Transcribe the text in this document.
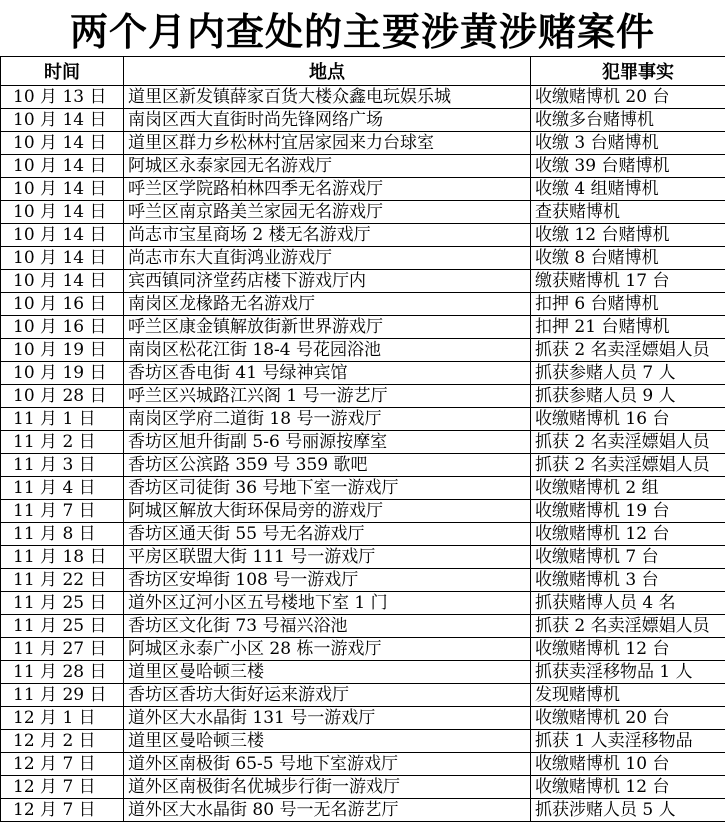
两个月内查处的主要涉黄涉赌案件
时间	地点	犯罪事实
10 月 13 日	道里区新发镇薛家百货大楼众鑫电玩娱乐城	收缴赌博机 20 台
10 月 14 日	南岗区西大直街时尚先锋网络广场	收缴多台赌博机
10 月 14 日	道里区群力乡松林村宜居家园来力台球室	收缴 3 台赌博机
10 月 14 日	阿城区永泰家园无名游戏厅	收缴 39 台赌博机
10 月 14 日	呼兰区学院路柏林四季无名游戏厅	收缴 4 组赌博机
10 月 14 日	呼兰区南京路美兰家园无名游戏厅	查获赌博机
10 月 14 日	尚志市宝星商场 2 楼无名游戏厅	收缴 12 台赌博机
10 月 14 日	尚志市东大直街鸿业游戏厅	收缴 8 台赌博机
10 月 14 日	宾西镇同济堂药店楼下游戏厅内	缴获赌博机 17 台
10 月 16 日	南岗区龙椽路无名游戏厅	扣押 6 台赌博机
10 月 16 日	呼兰区康金镇解放街新世界游戏厅	扣押 21 台赌博机
10 月 19 日	南岗区松花江街 18-4 号花园浴池	抓获 2 名卖淫嫖娼人员
10 月 19 日	香坊区香电街 41 号绿神宾馆	抓获参赌人员 7 人
10 月 28 日	呼兰区兴城路江兴阁 1 号一游艺厅	抓获参赌人员 9 人
11 月 1 日	南岗区学府二道街 18 号一游戏厅	收缴赌博机 16 台
11 月 2 日	香坊区旭升街副 5-6 号丽源按摩室	抓获 2 名卖淫嫖娼人员
11 月 3 日	香坊区公滨路 359 号 359 歌吧	抓获 2 名卖淫嫖娼人员
11 月 4 日	香坊区司徒街 36 号地下室一游戏厅	收缴赌博机 2 组
11 月 7 日	阿城区解放大街环保局旁的游戏厅	收缴赌博机 19 台
11 月 8 日	香坊区通天街 55 号无名游戏厅	收缴赌博机 12 台
11 月 18 日	平房区联盟大街 111 号一游戏厅	收缴赌博机 7 台
11 月 22 日	香坊区安埠街 108 号一游戏厅	收缴赌博机 3 台
11 月 25 日	道外区辽河小区五号楼地下室 1 门	抓获赌博人员 4 名
11 月 25 日	香坊区文化街 73 号福兴浴池	抓获 2 名卖淫嫖娼人员
11 月 27 日	阿城区永泰广小区 28 栋一游戏厅	收缴赌博机 12 台
11 月 28 日	道里区曼哈顿三楼	抓获卖淫移物品 1 人
11 月 29 日	香坊区香坊大街好运来游戏厅	发现赌博机
12 月 1 日	道外区大水晶街 131 号一游戏厅	收缴赌博机 20 台
12 月 2 日	道里区曼哈顿三楼	抓获 1 人卖淫移物品
12 月 7 日	道外区南极街 65-5 号地下室游戏厅	收缴赌博机 10 台
12 月 7 日	道外区南极街名优城步行街一游戏厅	收缴赌博机 12 台
12 月 7 日	道外区大水晶街 80 号一无名游艺厅	抓获涉赌人员 5 人
